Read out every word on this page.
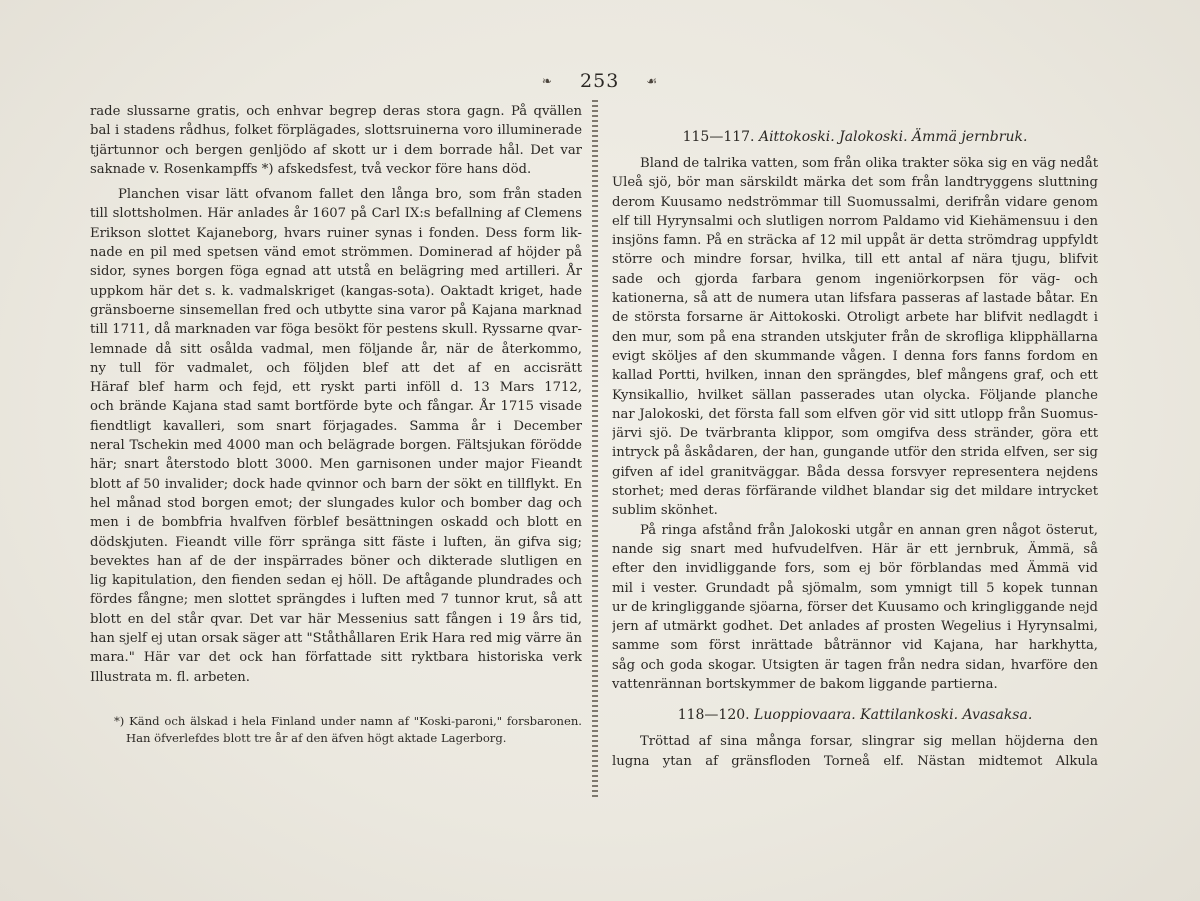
❧ 253 ☙
rade slussarne gratis, och enhvar begrep deras stora gagn. På qvällen
bal i stadens rådhus, folket förplägades, slottsruinerna voro illuminerade
tjärtunnor och bergen genljödo af skott ur i dem borrade hål. Det var
saknade v. Rosenkampffs *) afskedsfest, två veckor före hans död.
Planchen visar lätt ofvanom fallet den långa bro, som från staden
till slottsholmen. Här anlades år 1607 på Carl IX:s befallning af Clemens
Erikson slottet Kajaneborg, hvars ruiner synas i fonden. Dess form lik-
nade en pil med spetsen vänd emot strömmen. Dominerad af höjder på
sidor, synes borgen föga egnad att utstå en belägring med artilleri. År
uppkom här det s. k. vadmalskriget (kangas-sota). Oaktadt kriget, hade
gränsboerne sinsemellan fred och utbytte sina varor på Kajana marknad
till 1711, då marknaden var föga besökt för pestens skull. Ryssarne qvar-
lemnade då sitt osålda vadmal, men följande år, när de återkommo,
ny tull för vadmalet, och följden blef att det af en accisrätt
Häraf blef harm och fejd, ett ryskt parti inföll d. 13 Mars 1712,
och brände Kajana stad samt bortförde byte och fångar. År 1715 visade
fiendtligt kavalleri, som snart förjagades. Samma år i December
neral Tschekin med 4000 man och belägrade borgen. Fältsjukan förödde
här; snart återstodo blott 3000. Men garnisonen under major Fieandt
blott af 50 invalider; dock hade qvinnor och barn der sökt en tillflykt. En
hel månad stod borgen emot; der slungades kulor och bomber dag och
men i de bombfria hvalfven förblef besättningen oskadd och blott en
dödskjuten. Fieandt ville förr spränga sitt fäste i luften, än gifva sig;
bevektes han af de der inspärrades böner och dikterade slutligen en
lig kapitulation, den fienden sedan ej höll. De aftågande plundrades och
fördes fångne; men slottet sprängdes i luften med 7 tunnor krut, så att
blott en del står qvar. Det var här Messenius satt fången i 19 års tid,
han sjelf ej utan orsak säger att "Ståthållaren Erik Hara red mig värre än
mara." Här var det ock han författade sitt ryktbara historiska verk
Illustrata m. fl. arbeten.
*) Känd och älskad i hela Finland under namn af "Koski-paroni," forsbaronen.
Han öfverlefdes blott tre år af den äfven högt aktade Lagerborg.
115—117. Aittokoski. Jalokoski. Ämmä jernbruk.
Bland de talrika vatten, som från olika trakter söka sig en väg nedåt
Uleå sjö, bör man särskildt märka det som från landtryggens sluttning
derom Kuusamo nedströmmar till Suomussalmi, derifrån vidare genom
elf till Hyrynsalmi och slutligen norrom Paldamo vid Kiehämensuu i den
insjöns famn. På en sträcka af 12 mil uppåt är detta strömdrag uppfyldt
större och mindre forsar, hvilka, till ett antal af nära tjugu, blifvit
sade och gjorda farbara genom ingeniörkorpsen för väg- och
kationerna, så att de numera utan lifsfara passeras af lastade båtar. En
de största forsarne är Aittokoski. Otroligt arbete har blifvit nedlagdt i
den mur, som på ena stranden utskjuter från de skrofliga klipphällarna
evigt sköljes af den skummande vågen. I denna fors fanns fordom en
kallad Portti, hvilken, innan den sprängdes, blef mångens graf, och ett
Kynsikallio, hvilket sällan passerades utan olycka. Följande planche
nar Jalokoski, det första fall som elfven gör vid sitt utlopp från Suomus-
järvi sjö. De tvärbranta klippor, som omgifva dess stränder, göra ett
intryck på åskådaren, der han, gungande utför den strida elfven, ser sig
gifven af idel granitväggar. Båda dessa forsvyer representera nejdens
storhet; med deras förfärande vildhet blandar sig det mildare intrycket
sublim skönhet.
På ringa afstånd från Jalokoski utgår en annan gren något österut,
nande sig snart med hufvudelfven. Här är ett jernbruk, Ämmä, så
efter den invidliggande fors, som ej bör förblandas med Ämmä vid
mil i vester. Grundadt på sjömalm, som ymnigt till 5 kopek tunnan
ur de kringliggande sjöarna, förser det Kuusamo och kringliggande nejd
jern af utmärkt godhet. Det anlades af prosten Wegelius i Hyrynsalmi,
samme som först inrättade båtrännor vid Kajana, har harkhytta,
såg och goda skogar. Utsigten är tagen från nedra sidan, hvarföre den
vattenrännan bortskymmer de bakom liggande partierna.
118—120. Luoppiovaara. Kattilankoski. Avasaksa.
Tröttad af sina många forsar, slingrar sig mellan höjderna den
lugna ytan af gränsfloden Torneå elf. Nästan midtemot Alkula
